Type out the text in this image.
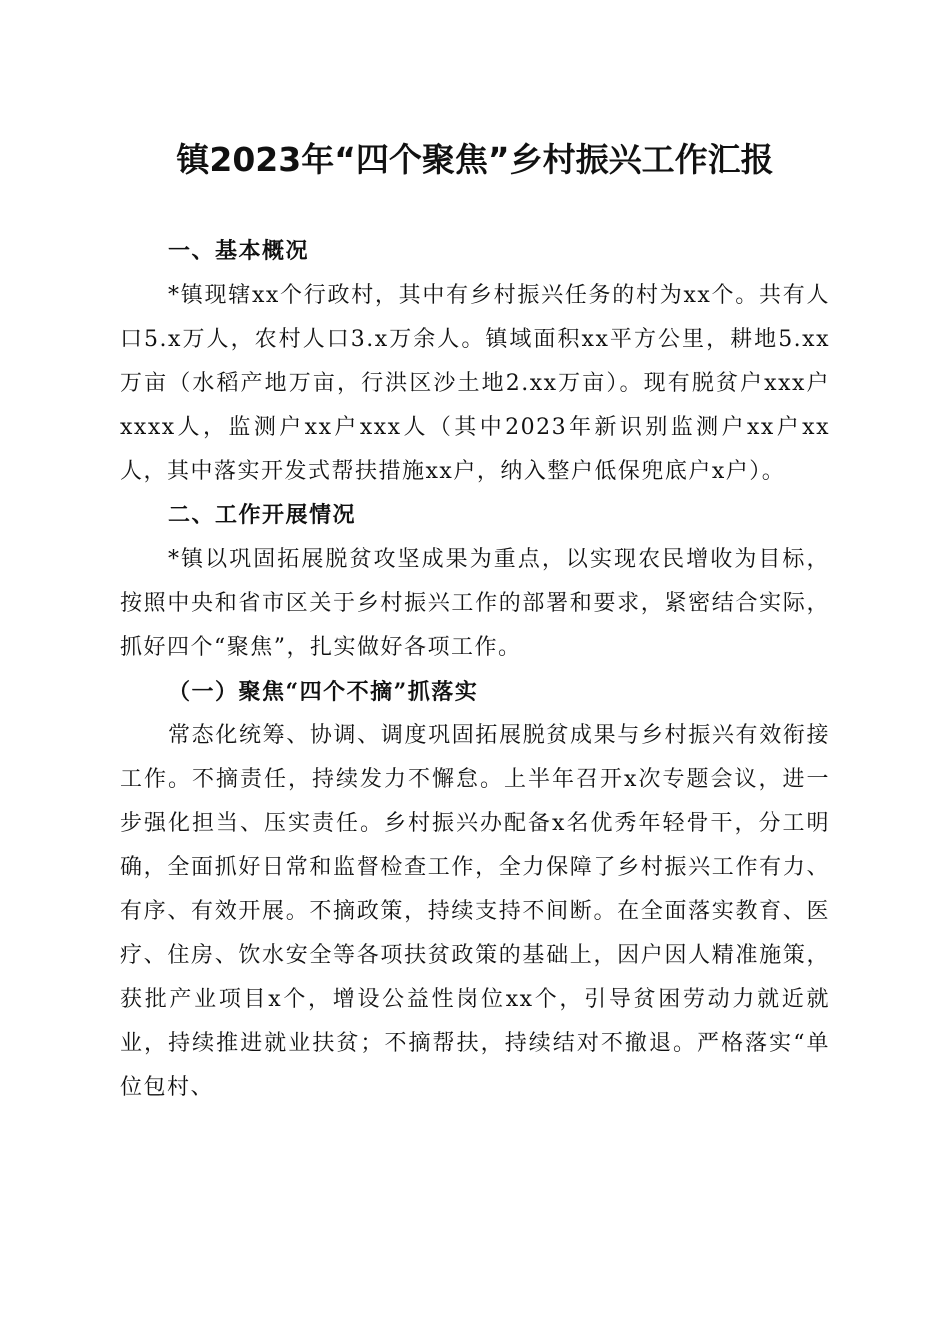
镇2023年“四个聚焦”乡村振兴工作汇报
一、基本概况

*镇现辖xx个行政村，其中有乡村振兴任务的村为xx个。共有人口5.x万人，农村人口3.x万余人。镇域面积xx平方公里，耕地5.xx万亩（水稻产地万亩，行洪区沙土地2.xx万亩）。现有脱贫户xxx户xxxx人，监测户xx户xxx人（其中2023年新识别监测户xx户xx人，其中落实开发式帮扶措施xx户，纳入整户低保兜底户x户）。

二、工作开展情况

*镇以巩固拓展脱贫攻坚成果为重点，以实现农民增收为目标，按照中央和省市区关于乡村振兴工作的部署和要求，紧密结合实际，抓好四个“聚焦”，扎实做好各项工作。

（一）聚焦“四个不摘”抓落实

常态化统筹、协调、调度巩固拓展脱贫成果与乡村振兴有效衔接工作。不摘责任，持续发力不懈怠。上半年召开x次专题会议，进一步强化担当、压实责任。乡村振兴办配备x名优秀年轻骨干，分工明确，全面抓好日常和监督检查工作，全力保障了乡村振兴工作有力、有序、有效开展。不摘政策，持续支持不间断。在全面落实教育、医疗、住房、饮水安全等各项扶贫政策的基础上，因户因人精准施策，获批产业项目x个，增设公益性岗位xx个，引导贫困劳动力就近就业，持续推进就业扶贫；不摘帮扶，持续结对不撤退。严格落实“单位包村、
